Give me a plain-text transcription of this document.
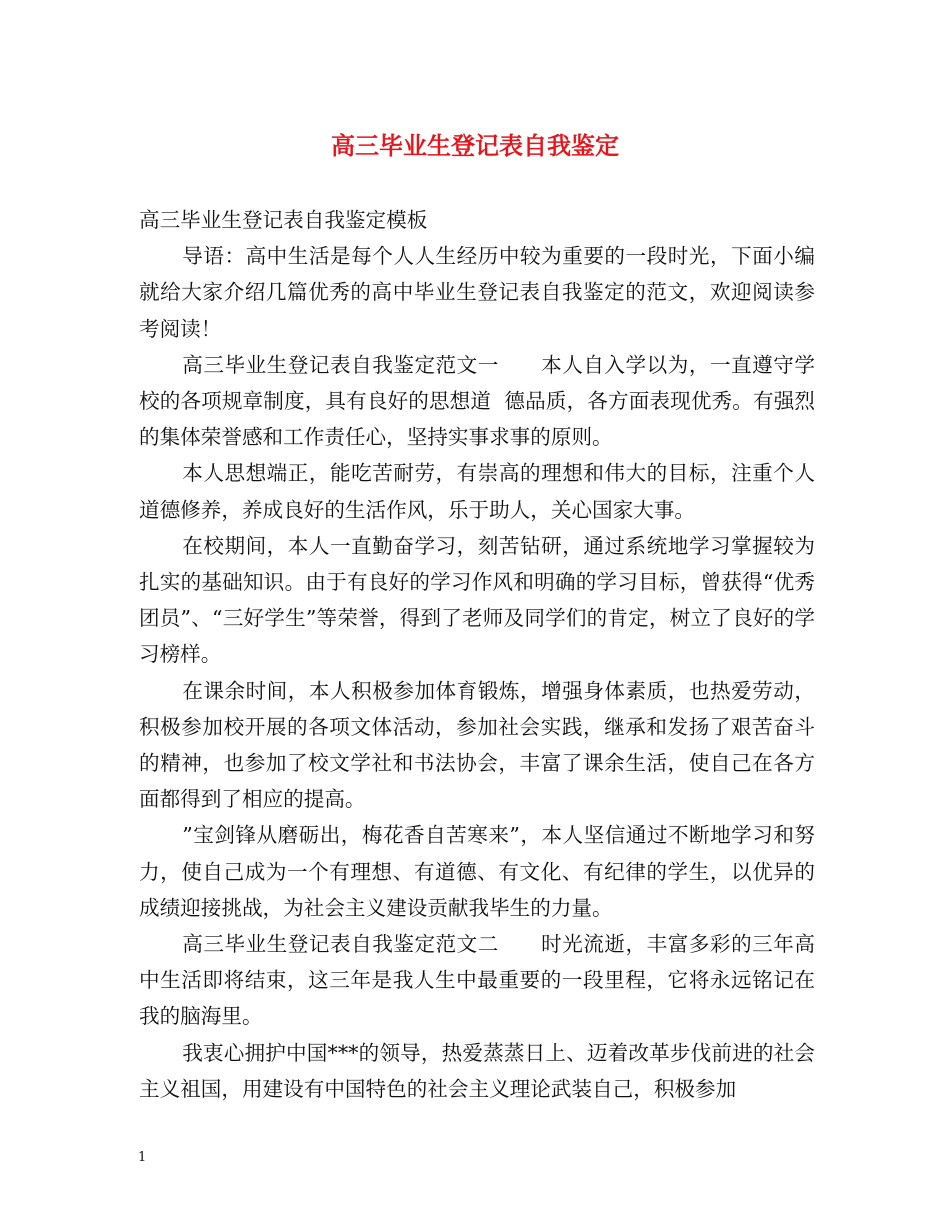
高三毕业生登记表自我鉴定

高三毕业生登记表自我鉴定模板

导语：高中生活是每个人人生经历中较为重要的一段时光，下面小编就给大家介绍几篇优秀的高中毕业生登记表自我鉴定的范文，欢迎阅读参考阅读！

高三毕业生登记表自我鉴定范文一　　本人自入学以为，一直遵守学校的各项规章制度，具有良好的思想道  德品质，各方面表现优秀。有强烈的集体荣誉感和工作责任心，坚持实事求事的原则。

本人思想端正，能吃苦耐劳，有崇高的理想和伟大的目标，注重个人道德修养，养成良好的生活作风，乐于助人，关心国家大事。

在校期间，本人一直勤奋学习，刻苦钻研，通过系统地学习掌握较为扎实的基础知识。由于有良好的学习作风和明确的学习目标，曾获得“优秀团员”、“三好学生”等荣誉，得到了老师及同学们的肯定，树立了良好的学习榜样。

在课余时间，本人积极参加体育锻炼，增强身体素质，也热爱劳动，积极参加校开展的各项文体活动，参加社会实践，继承和发扬了艰苦奋斗的精神，也参加了校文学社和书法协会，丰富了课余生活，使自己在各方面都得到了相应的提高。

”宝剑锋从磨砺出，梅花香自苦寒来”，本人坚信通过不断地学习和努力，使自己成为一个有理想、有道德、有文化、有纪律的学生，以优异的成绩迎接挑战，为社会主义建设贡献我毕生的力量。

高三毕业生登记表自我鉴定范文二　　时光流逝，丰富多彩的三年高中生活即将结束，这三年是我人生中最重要的一段里程，它将永远铭记在我的脑海里。

我衷心拥护中国***的领导，热爱蒸蒸日上、迈着改革步伐前进的社会主义祖国，用建设有中国特色的社会主义理论武装自己，积极参加

1
